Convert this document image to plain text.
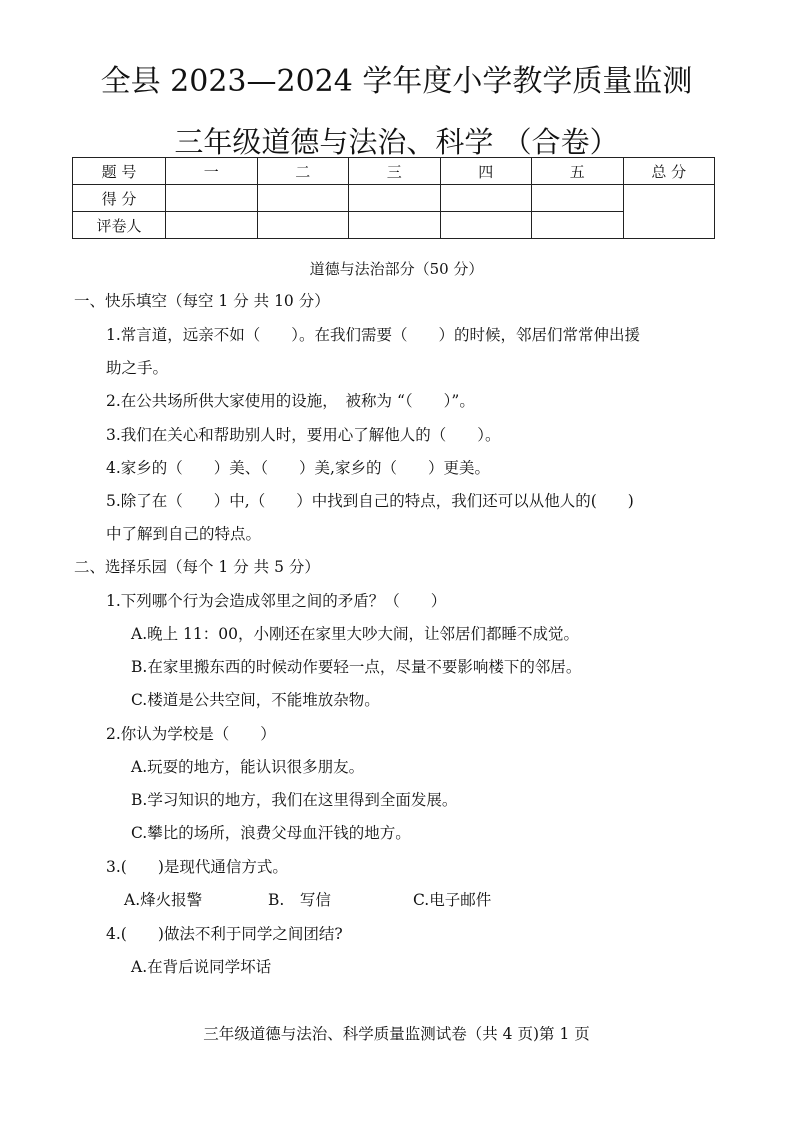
全县 2023—2024 学年度小学教学质量监测
三年级道德与法治、科学 （合卷）
题 号	一	二	三	四	五	总 分
得 分						
评卷人						
道德与法治部分（50 分）
一、快乐填空（每空 1 分 共 10 分）
1.常言道，远亲不如（　　）。在我们需要（　　）的时候，邻居们常常伸出援
助之手。
2.在公共场所供大家使用的设施，　被称为 “（　　）”。
3.我们在关心和帮助别人时，要用心了解他人的（　　）。
4.家乡的（　　）美、（　　）美,家乡的（　　）更美。
5.除了在（　　）中,（　　）中找到自己的特点，我们还可以从他人的(　　)
中了解到自己的特点。
二、选择乐园（每个 1 分 共 5 分）
1.下列哪个行为会造成邻里之间的矛盾？（　　）
A.晚上 11：00，小刚还在家里大吵大闹，让邻居们都睡不成觉。
B.在家里搬东西的时候动作要轻一点，尽量不要影响楼下的邻居。
C.楼道是公共空间，不能堆放杂物。
2.你认为学校是（　　）
A.玩耍的地方，能认识很多朋友。
B.学习知识的地方，我们在这里得到全面发展。
C.攀比的场所，浪费父母血汗钱的地方。
3.(　　)是现代通信方式。
A.烽火报警	B.　写信	C.电子邮件
4.(　　)做法不利于同学之间团结?
A.在背后说同学坏话
三年级道德与法治、科学质量监测试卷（共 4 页)第 1 页
